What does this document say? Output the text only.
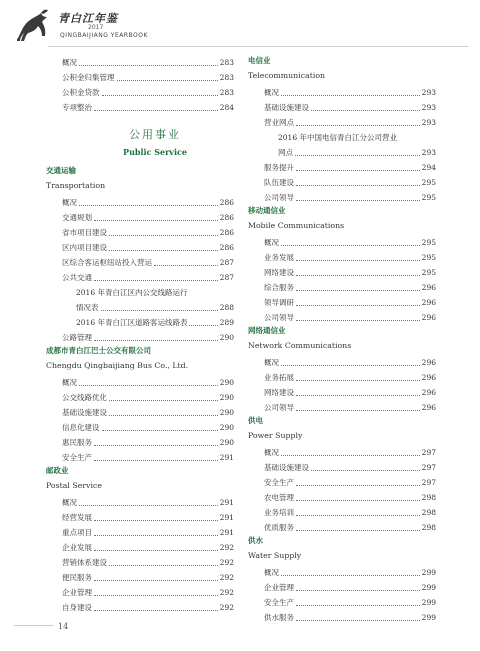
青白江年鉴
2017
QINGBAIJIANG YEARBOOK
概况	283
公积金归集管理	283
公积金贷款	283
专项整治	284
公用事业
Public Service
交通运输
Transportation
概况	286
交通规划	286
省市项目建设	286
区内项目建设	286
区综合客运枢纽站投入营运	287
公共交通	287
2016 年青白江区内公交线路运行
情况表	288
2016 年青白江区道路客运线路表	289
公路管理	290
成都市青白江巴士公交有限公司
Chengdu Qingbaijiang Bus Co., Ltd.
概况	290
公交线路优化	290
基础设施建设	290
信息化建设	290
惠民服务	290
安全生产	291
邮政业
Postal Service
概况	291
经营发展	291
重点项目	291
企业发展	292
营销体系建设	292
便民服务	292
企业管理	292
自身建设	292
电信业
Telecommunication
概况	293
基础设施建设	293
营业网点	293
2016 年中国电信青白江分公司营业
网点	293
服务提升	294
队伍建设	295
公司领导	295
移动通信业
Mobile Communications
概况	295
业务发展	295
网络建设	295
综合服务	296
领导调研	296
公司领导	296
网络通信业
Network Communications
概况	296
业务拓展	296
网络建设	296
公司领导	296
供电
Power Supply
概况	297
基础设施建设	297
安全生产	297
农电管理	298
业务培训	298
优质服务	298
供水
Water Supply
概况	299
企业管理	299
安全生产	299
供水服务	299
14
